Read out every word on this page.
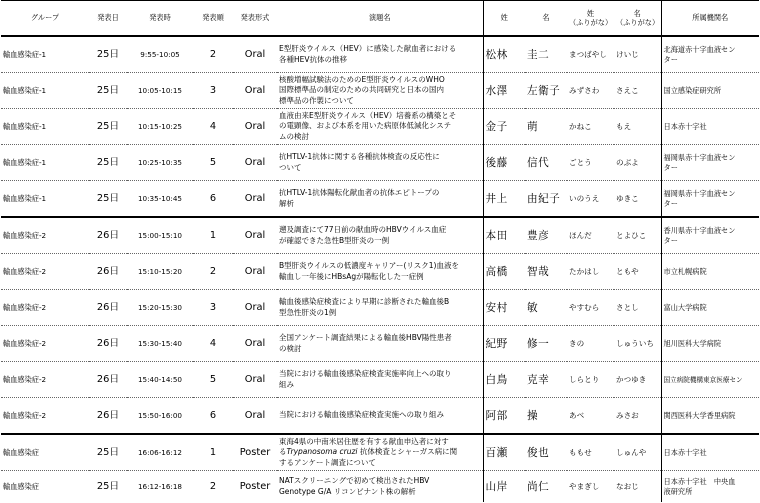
グループ	発表日	発表時	発表順	発表形式	演題名	姓	名	姓
（ふりがな）	名
（ふりがな）	所属機関名
輸血感染症-1	25日	9:55-10:05	2	Oral	E型肝炎ウイルス（HEV）に感染した献血者における
各種HEV抗体の推移	松林	圭二	まつばやし	けいじ	北海道赤十字血液セン
ター
輸血感染症-1	25日	10:05-10:15	3	Oral	核酸増幅試験法のためのE型肝炎ウイルスのWHO
国際標準品の制定のための共同研究と日本の国内
標準品の作製について	水澤	左衛子	みずさわ	さえこ	国立感染症研究所
輸血感染症-1	25日	10:15-10:25	4	Oral	血液由来E型肝炎ウイルス（HEV）培養系の構築とそ
の電顕像、および本系を用いた病原体低減化システ
ムの検討	金子	萌	かねこ	もえ	日本赤十字社
輸血感染症-1	25日	10:25-10:35	5	Oral	抗HTLV-1抗体に関する各種抗体検査の反応性に
ついて	後藤	信代	ごとう	のぶよ	福岡県赤十字血液セン
ター
輸血感染症-1	25日	10:35-10:45	6	Oral	抗HTLV-1抗体陽転化献血者の抗体エピトープの
解析	井上	由紀子	いのうえ	ゆきこ	福岡県赤十字血液セン
ター
輸血感染症-2	26日	15:00-15:10	1	Oral	遡及調査にて77日前の献血時のHBVウイルス血症
が確認できた急性B型肝炎の一例	本田	豊彦	ほんだ	とよひこ	香川県赤十字血液セン
ター
輸血感染症-2	26日	15:10-15:20	2	Oral	B型肝炎ウイルスの低濃度キャリアー(リスク1)血液を
輸血し一年後にHBsAgが陽転化した一症例	高橋	智哉	たかはし	ともや	市立札幌病院
輸血感染症-2	26日	15:20-15:30	3	Oral	輸血後感染症検査により早期に診断された輸血後B
型急性肝炎の1例	安村	敏	やすむら	さとし	富山大学病院
輸血感染症-2	26日	15:30-15:40	4	Oral	全国アンケート調査結果による輸血後HBV陽性患者
の検討	紀野	修一	きの	しゅういち	旭川医科大学病院
輸血感染症-2	26日	15:40-14:50	5	Oral	当院における輸血後感染症検査実施率向上への取り
組み	白鳥	克幸	しらとり	かつゆき	国立病院機構東京医療セン
輸血感染症-2	26日	15:50-16:00	6	Oral	当院における輸血後感染症検査実施への取り組み	阿部	操	あべ	みさお	関西医科大学香里病院
輸血感染症	25日	16:06-16:12	1	Poster	東海4県の中南米居住歴を有する献血申込者に対す
るTrypanosoma cruzi 抗体検査とシャーガス病に関
するアンケート調査について	百瀬	俊也	ももせ	しゅんや	日本赤十字社
輸血感染症	25日	16:12-16:18	2	Poster	NATスクリーニングで初めて検出されたHBV
Genotype G/A リコンビナント株の解析	山岸	尚仁	やまぎし	なおじ	日本赤十字社　中央血
液研究所
